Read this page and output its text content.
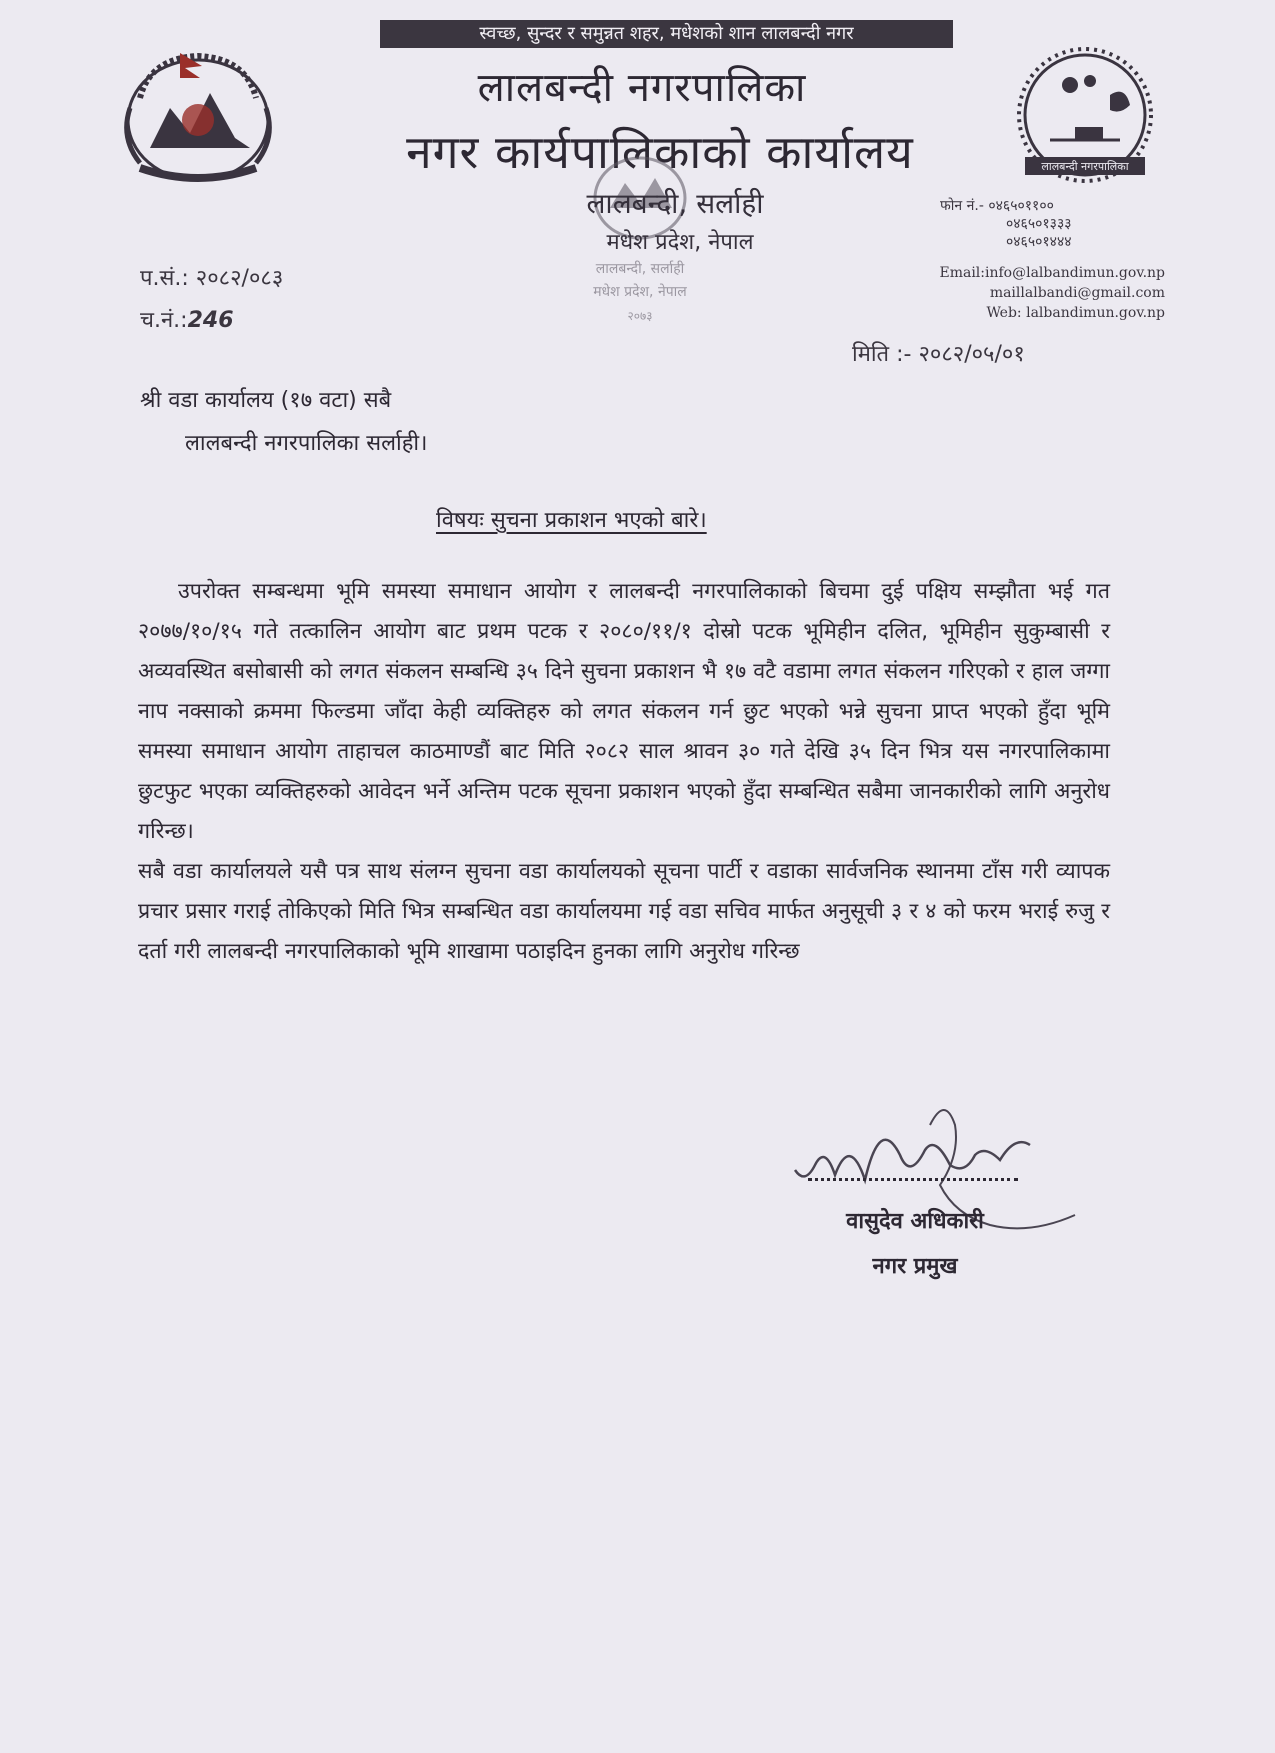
स्वच्छ, सुन्दर र समुन्नत शहर, मधेशको शान लालबन्दी नगर
लालबन्दी नगरपालिका
नगर कार्यपालिकाको कार्यालय
लालबन्दी, सर्लाही
मधेश प्रदेश, नेपाल
२०७३
लालबन्दी, सर्लाही
मधेश प्रदेश, नेपाल
लालबन्दी नगरपालिका
फोन नं.- ०४६५०११००
०४६५०१३३३
०४६५०१४४४
Email:info@lalbandimun.gov.np
maillalbandi@gmail.com
Web: lalbandimun.gov.np
प.सं.: २०८२/०८३
च.नं.:246
मिति :- २०८२/०५/०१
श्री वडा कार्यालय (१७ वटा) सबै
लालबन्दी नगरपालिका सर्लाही।
विषयः सुचना प्रकाशन भएको बारे।

उपरोक्त सम्बन्धमा भूमि समस्या समाधान आयोग र लालबन्दी नगरपालिकाको बिचमा दुई पक्षिय सम्झौता भई गत २०७७/१०/१५ गते तत्कालिन आयोग बाट प्रथम पटक र २०८०/११/१ दोस्रो पटक भूमिहीन दलित, भूमिहीन सुकुम्बासी र अव्यवस्थित बसोबासी को लगत संकलन सम्बन्धि ३५ दिने सुचना प्रकाशन भै १७ वटै वडामा लगत संकलन गरिएको र हाल जग्गा नाप नक्साको क्रममा फिल्डमा जाँदा केही व्यक्तिहरु को लगत संकलन गर्न छुट भएको भन्ने सुचना प्राप्त भएको हुँदा भूमि समस्या समाधान आयोग ताहाचल काठमाण्डौं बाट मिति २०८२ साल श्रावन ३० गते देखि ३५ दिन भित्र यस नगरपालिकामा छुटफुट भएका व्यक्तिहरुको आवेदन भर्ने अन्तिम पटक सूचना प्रकाशन भएको हुँदा सम्बन्धित सबैमा जानकारीको लागि अनुरोध गरिन्छ।

सबै वडा कार्यालयले यसै पत्र साथ संलग्न सुचना वडा कार्यालयको सूचना पार्टी र वडाका सार्वजनिक स्थानमा टाँस गरी व्यापक प्रचार प्रसार गराई तोकिएको मिति भित्र सम्बन्धित वडा कार्यालयमा गई वडा सचिव मार्फत अनुसूची ३ र ४ को फरम भराई रुजु र दर्ता गरी लालबन्दी नगरपालिकाको भूमि शाखामा पठाइदिन हुनका लागि अनुरोध गरिन्छ

वासुदेव अधिकारी
नगर प्रमुख
